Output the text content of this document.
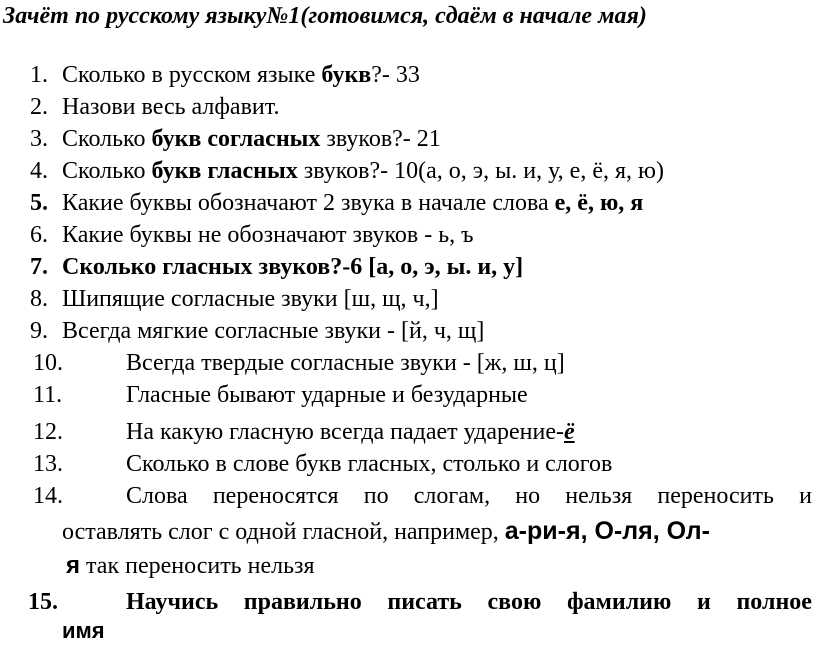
Зачёт по русскому языку№1(готовимся, сдаём в начале мая)
1. Сколько в русском языке букв?- 33
2. Назови весь алфавит.
3. Сколько букв согласных звуков?- 21
4. Сколько букв гласных звуков?- 10(а, о, э, ы. и, у, е, ё, я, ю)
5. Какие буквы обозначают 2 звука в начале слова е, ё, ю, я
6. Какие буквы не обозначают звуков - ь, ъ
7. Сколько гласных звуков?-6 [а, о, э, ы. и, у]
8. Шипящие согласные звуки [ш, щ, ч,]
9. Всегда мягкие согласные звуки - [й, ч, щ]
10.	Всегда твердые согласные звуки - [ж, ш, ц]
11.	Гласные бывают ударные и безударные
12.	На какую гласную всегда падает ударение-ё
13.	Сколько в слове букв гласных, столько и слогов
14.	Слова переносятся по слогам, но нельзя переносить и
оставлять слог с одной гласной, например, а-ри-я, О-ля, Ол-
я так переносить нельзя
15.	Научись правильно писать свою фамилию и полное
имя
